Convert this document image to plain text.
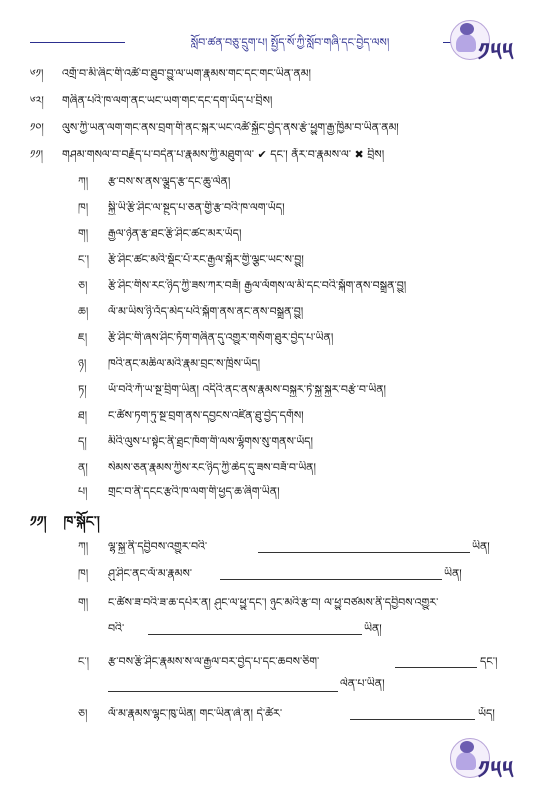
སློབ་ཚན་བཅུ་དྲུག་པ། སྤྱོད་སོ་ཀྱི་སློབ་གཞི་དང་བྱེད་ལས།	༡༥༥
༦༡། འགྲོ་བ་མི་ཞིང་གི་འཚོ་བ་ཐུབ་བྱུ་ལ་ཡག་རྣམས་གང་དང་གང་ཡིན་ནམ།
༦༢། གཞིན་པའི་ཁ་ལག་ནང་ཡང་ཡག་གང་དང་དག་ཡོད་པ་བྲིས།
༡༠། ལུས་ཀྱི་ཡན་ལག་གང་ནས་བྲག་གི་ནང་སྐར་ཡང་འཚོ་སྐྱོང་བྱེད་ནས་རྩེ་ཕྱུག་རྒྱ་ཁྱིམ་བ་ཡིན་ནམ།
༡༡། གཤམ་གསལ་བ་བརྗོད་པ་བདེན་པ་རྣམས་ཀྱི་མཐུག་ལ་ ✔ དང་། ནོར་བ་རྣམས་ལ་ ✖ བྲིས།
ཀ། རྩ་བས་ས་ནས་ལྕུད་རྩ་དང་ཆུ་ལེན།
ཁ། སྐྱི་ཡི་རྩི་ཤིང་ལ་སྔུད་པ་ཅན་གྱི་རྩ་བའི་ཁ་ལག་ཡོད།
ག། རྒྱལ་ཉེན་རྩ་ཐང་རྩི་ཤིང་ཚང་མར་ཡོད།
ང་། རྩི་ཤིང་ཚང་མའི་སྡོང་པོ་རང་རྒྱལ་སྐོར་གྱི་ལྕང་ཡང་ས་བྱུ།
ཅ། རྩི་ཤིང་གིས་རང་ཉིད་ཀྱི་ཟས་ཀར་བཟོ། རྒྱལ་ལོགས་ལ་མི་དང་བའི་སྐོག་ནས་བསྒྲུན་བྱུ།
ཆ། ལོ་མ་ཡིས་ཉི་འོད་མེད་པའི་སྐོག་ནས་ནང་ནས་བསྒྲུན་བྱུ།
ཇ། རྩི་ཤིང་གི་ཞས་ཤིང་ཏོག་གཞིན་དུ་འགྱུར་གསོག་ཐུར་བྱེད་པ་ཡིན།
ཉ། ཁའི་ནང་མཆིལ་མའི་རྣམ་བྲང་ས་ཁྲིས་ཡོད།
ཏ། ཡོ་བའི་ཀོ་ཡ་སྔ་བྲིག་ཡིན། འདིའི་ནང་ནས་རྣམས་བསྐྱར་ཏེ་སྐྱ་སྐྱར་བརྩེ་བ་ཡིན།
ཐ། ང་ཚོས་ཏག་ཏུ་སྔ་བྲག་ནས་དབྱངས་འཛིན་ཐུ་བྱེད་དགོས།
ད། མིའི་ལུས་པ་སྟེང་ནི་ཐྲང་ཁོག་གི་ལས་ལྷོགས་སུ་གནས་ཡོད།
ན། སེམས་ཅན་རྣམས་ཀྱིས་རང་ཉིད་ཀྱི་ཆེད་དུ་ཟས་བཟོ་བ་ཡིན།
པ། གྲང་བ་ནི་དངང་རྩའི་ཁ་ལག་གི་ཕྱད་ཆ་ཞིག་ཡིན།
༡༡། ཁ་སྐོང་།
ཀ། ལྷ་སྐྱ་ནི་དབྱིབས་འགྱུར་བའི་	ཡིན།
ཁ། ཤུ་ཤིང་ནང་ལོ་མ་རྣམས་	ཡིན།
ག། ང་ཚོས་ཟ་བའི་ཟ་ཆ་དཔེར་ན། ཤུང་ལ་ཕྱུ་དང་། ཉུང་མའི་རྩ་བ། ལ་ཕྱུ་བཙམས་ནི་དབྱིབས་འགྱུར་
བའི་	ཡིན།
ང་། རྩ་བས་རྩི་ཤིང་རྣམས་ས་ལ་རྒྱལ་བར་བྱེད་པ་དང་ཆབས་ཅིག་	དང་།
ལེན་པ་ཡིན།
ཅ། ལོ་མ་རྣམས་ལྷང་ཁུ་ཡིན། གང་ཡིན་ཞེ་ན། དེ་ཚོར་	ཡོད།
༡༥༥
